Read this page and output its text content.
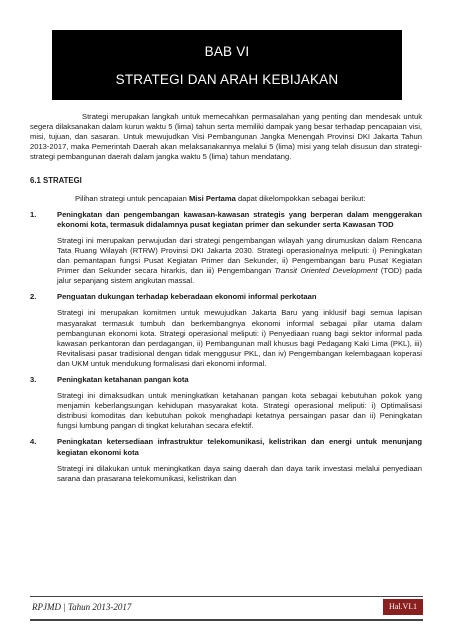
BAB VI
STRATEGI DAN ARAH KEBIJAKAN

Strategi merupakan langkah untuk memecahkan permasalahan yang penting dan mendesak untuk segera dilaksanakan dalam kurun waktu 5 (lima) tahun serta memiliki dampak yang besar terhadap pencapaian visi, misi, tujuan, dan sasaran. Untuk mewujudkan Visi Pembangunan Jangka Menengah Provinsi DKI Jakarta Tahun 2013-2017, maka Pemerintah Daerah akan melaksanakannya melalui 5 (lima) misi yang telah disusun dan strategi-strategi pembangunan daerah dalam jangka waktu 5 (lima) tahun mendatang.

6.1 STRATEGI

Pilihan strategi untuk pencapaian Misi Pertama dapat dikelompokkan sebagai berikut:

1.	Peningkatan dan pengembangan kawasan-kawasan strategis yang berperan dalam menggerakan ekonomi kota, termasuk didalamnya pusat kegiatan primer dan sekunder serta Kawasan TOD
Strategi ini merupakan perwujudan dari strategi pengembangan wilayah yang dirumuskan dalam Rencana Tata Ruang Wilayah (RTRW) Provinsi DKI Jakarta 2030. Strategi operasionalnya meliputi: i) Peningkatan dan pemantapan fungsi Pusat Kegiatan Primer dan Sekunder, ii) Pengembangan baru Pusat Kegiatan Primer dan Sekunder secara hirarkis, dan iii) Pengembangan Transit Oriented Development (TOD) pada jalur sepanjang sistem angkutan massal.
2.	Penguatan dukungan terhadap keberadaan ekonomi informal perkotaan
Strategi ini merupakan komitmen untuk mewujudkan Jakarta Baru yang inklusif bagi semua lapisan masyarakat termasuk tumbuh dan berkembangnya ekonomi informal sebagai pilar utama dalam pembangunan ekonomi kota. Strategi operasional meliputi: i) Penyediaan ruang bagi sektor informal pada kawasan perkantoran dan perdagangan, ii) Pembangunan mall khusus bagi Pedagang Kaki Lima (PKL), iii) Revitalisasi pasar tradisional dengan tidak menggusur PKL, dan iv) Pengembangan kelembagaan koperasi dan UKM untuk mendukung formalisasi dari ekonomi informal.
3.	Peningkatan ketahanan pangan kota
Strategi ini dimaksudkan untuk meningkatkan ketahanan pangan kota sebagai kebutuhan pokok yang menjamin keberlangsungan kehidupan masyarakat kota. Strategi operasional meliputi: i) Optimalisasi distribusi komoditas dan kebutuhan pokok menghadapi ketatnya persaingan pasar dan ii) Peningkatan fungsi lumbung pangan di tingkat kelurahan secara efektif.
4.	Peningkatan ketersediaan infrastruktur telekomunikasi, kelistrikan dan energi untuk menunjang kegiatan ekonomi kota
Strategi ini dilakukan untuk meningkatkan daya saing daerah dan daya tarik investasi melalui penyediaan sarana dan prasarana telekomunikasi, kelistrikan dan
RPJMD | Tahun 2013-2017	Hal.VI.1
